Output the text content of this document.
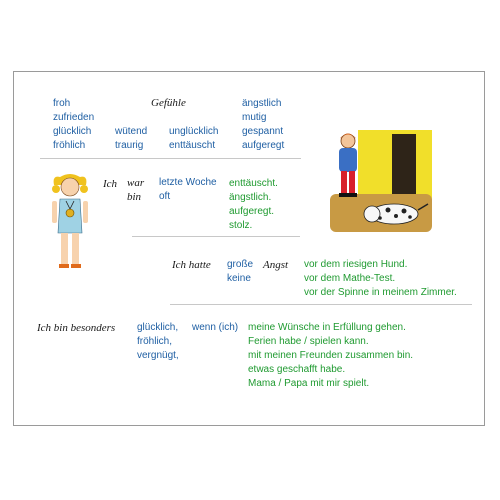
Gefühle
froh
zufrieden
glücklich
fröhlich
wütend
traurig
unglücklich
enttäuscht
ängstlich
mutig
gespannt
aufgeregt
Ich war
bin
letzte Woche
oft
enttäuscht.
ängstlich.
aufgeregt.
stolz.
Ich hatte große
keine
Angst vor dem riesigen Hund.
vor dem Mathe-Test.
vor der Spinne in meinem Zimmer.
Ich bin besonders glücklich,
fröhlich,
vergnügt,
wenn (ich) meine Wünsche in Erfüllung gehen.
Ferien habe / spielen kann.
mit meinen Freunden zusammen bin.
etwas geschafft habe.
Mama / Papa mit mir spielt.
